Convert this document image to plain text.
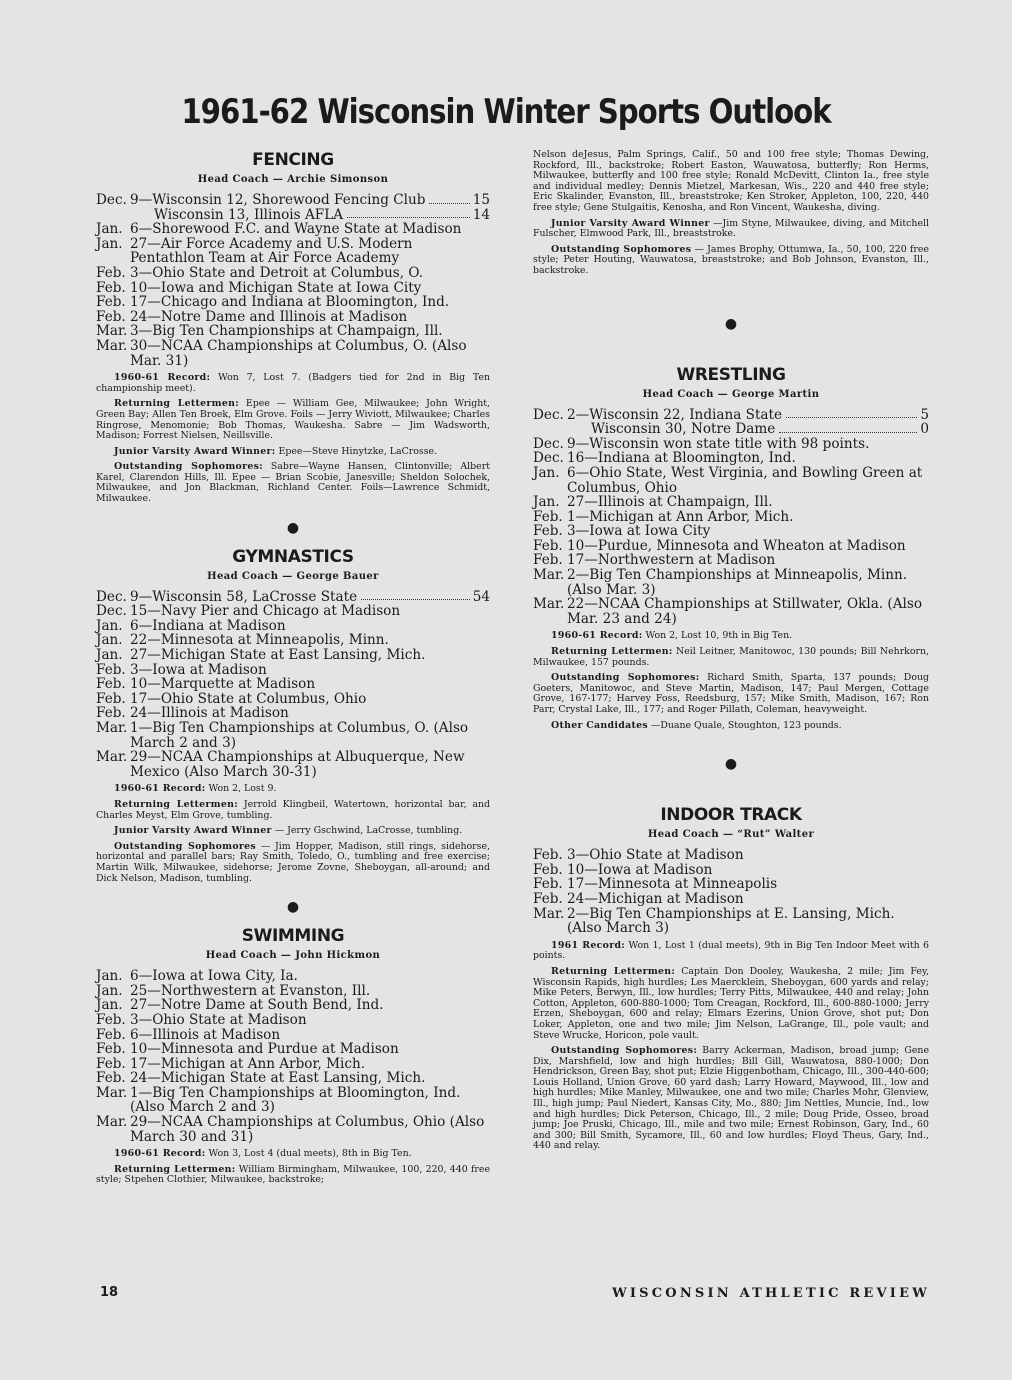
1961-62 Wisconsin Winter Sports Outlook
FENCING
Head Coach — Archie Simonson
Dec. 9—Wisconsin 12, Shorewood Fencing Club	15
Wisconsin 13, Illinois AFLA	14
Jan. 6—Shorewood F.C. and Wayne State at Madison
Jan. 27—Air Force Academy and U.S. Modern Pentathlon Team at Air Force Academy
Feb. 3—Ohio State and Detroit at Columbus, O.
Feb. 10—Iowa and Michigan State at Iowa City
Feb. 17—Chicago and Indiana at Bloomington, Ind.
Feb. 24—Notre Dame and Illinois at Madison
Mar. 3—Big Ten Championships at Champaign, Ill.
Mar. 30—NCAA Championships at Columbus, O. (Also Mar. 31)

1960-61 Record: Won 7, Lost 7. (Badgers tied for 2nd in Big Ten championship meet).

Returning Lettermen: Epee — William Gee, Milwaukee; John Wright, Green Bay; Allen Ten Broek, Elm Grove. Foils — Jerry Wiviott, Milwaukee; Charles Ringrose, Menomonie; Bob Thomas, Waukesha. Sabre — Jim Wadsworth, Madison; Forrest Nielsen, Neillsville.

Junior Varsity Award Winner: Epee—Steve Hinytzke, LaCrosse.

Outstanding Sophomores: Sabre—Wayne Hansen, Clintonville; Albert Karel, Clarendon Hills, Ill. Epee — Brian Scobie, Janesville; Sheldon Solochek, Milwaukee, and Jon Blackman, Richland Center. Foils—Lawrence Schmidt, Milwaukee.

●

GYMNASTICS
Head Coach — George Bauer
Dec. 9—Wisconsin 58, LaCrosse State	54
Dec. 15—Navy Pier and Chicago at Madison
Jan. 6—Indiana at Madison
Jan. 22—Minnesota at Minneapolis, Minn.
Jan. 27—Michigan State at East Lansing, Mich.
Feb. 3—Iowa at Madison
Feb. 10—Marquette at Madison
Feb. 17—Ohio State at Columbus, Ohio
Feb. 24—Illinois at Madison
Mar. 1—Big Ten Championships at Columbus, O. (Also March 2 and 3)
Mar. 29—NCAA Championships at Albuquerque, New Mexico (Also March 30-31)

1960-61 Record: Won 2, Lost 9.

Returning Lettermen: Jerrold Klingbeil, Watertown, horizontal bar, and Charles Meyst, Elm Grove, tumbling.

Junior Varsity Award Winner — Jerry Gschwind, LaCrosse, tumbling.

Outstanding Sophomores — Jim Hopper, Madison, still rings, sidehorse, horizontal and parallel bars; Ray Smith, Toledo, O., tumbling and free exercise; Martin Wilk, Milwaukee, sidehorse; Jerome Zovne, Sheboygan, all-around; and Dick Nelson, Madison, tumbling.

●

SWIMMING
Head Coach — John Hickmon
Jan. 6—Iowa at Iowa City, Ia.
Jan. 25—Northwestern at Evanston, Ill.
Jan. 27—Notre Dame at South Bend, Ind.
Feb. 3—Ohio State at Madison
Feb. 6—Illinois at Madison
Feb. 10—Minnesota and Purdue at Madison
Feb. 17—Michigan at Ann Arbor, Mich.
Feb. 24—Michigan State at East Lansing, Mich.
Mar. 1—Big Ten Championships at Bloomington, Ind. (Also March 2 and 3)
Mar. 29—NCAA Championships at Columbus, Ohio (Also March 30 and 31)

1960-61 Record: Won 3, Lost 4 (dual meets), 8th in Big Ten.

Returning Lettermen: William Birmingham, Milwaukee, 100, 220, 440 free style; Stpehen Clothier, Milwaukee, backstroke;

Nelson deJesus, Palm Springs, Calif., 50 and 100 free style; Thomas Dewing, Rockford, Ill., backstroke; Robert Easton, Wauwatosa, butterfly; Ron Herms, Milwaukee, butterfly and 100 free style; Ronald McDevitt, Clinton Ia., free style and individual medley; Dennis Mietzel, Markesan, Wis., 220 and 440 free style; Eric Skalinder, Evanston, Ill., breaststroke; Ken Stroker, Appleton, 100, 220, 440 free style; Gene Stulgaitis, Kenosha, and Ron Vincent, Waukesha, diving.

Junior Varsity Award Winner —Jim Styne, Milwaukee, diving, and Mitchell Fulscher, Elmwood Park, Ill., breaststroke.

Outstanding Sophomores — James Brophy, Ottumwa, Ia., 50, 100, 220 free style; Peter Houting, Wauwatosa, breaststroke; and Bob Johnson, Evanston, Ill., backstroke.

●

WRESTLING
Head Coach — George Martin
Dec. 2—Wisconsin 22, Indiana State	5
Wisconsin 30, Notre Dame	0
Dec. 9—Wisconsin won state title with 98 points.
Dec. 16—Indiana at Bloomington, Ind.
Jan. 6—Ohio State, West Virginia, and Bowling Green at Columbus, Ohio
Jan. 27—Illinois at Champaign, Ill.
Feb. 1—Michigan at Ann Arbor, Mich.
Feb. 3—Iowa at Iowa City
Feb. 10—Purdue, Minnesota and Wheaton at Madison
Feb. 17—Northwestern at Madison
Mar. 2—Big Ten Championships at Minneapolis, Minn. (Also Mar. 3)
Mar. 22—NCAA Championships at Stillwater, Okla. (Also Mar. 23 and 24)

1960-61 Record: Won 2, Lost 10, 9th in Big Ten.

Returning Lettermen: Neil Leitner, Manitowoc, 130 pounds; Bill Nehrkorn, Milwaukee, 157 pounds.

Outstanding Sophomores: Richard Smith, Sparta, 137 pounds; Doug Goeters, Manitowoc, and Steve Martin, Madison, 147; Paul Mergen, Cottage Grove, 167-177; Harvey Foss, Reedsburg, 157; Mike Smith, Madison, 167; Ron Parr, Crystal Lake, Ill., 177; and Roger Pillath, Coleman, heavyweight.

Other Candidates —Duane Quale, Stoughton, 123 pounds.

●

INDOOR TRACK
Head Coach — “Rut” Walter
Feb. 3—Ohio State at Madison
Feb. 10—Iowa at Madison
Feb. 17—Minnesota at Minneapolis
Feb. 24—Michigan at Madison
Mar. 2—Big Ten Championships at E. Lansing, Mich. (Also March 3)

1961 Record: Won 1, Lost 1 (dual meets), 9th in Big Ten Indoor Meet with 6 points.

Returning Lettermen: Captain Don Dooley, Waukesha, 2 mile; Jim Fey, Wisconsin Rapids, high hurdles; Les Maercklein, Sheboygan, 600 yards and relay; Mike Peters, Berwyn, Ill., low hurdles; Terry Pitts, Milwaukee, 440 and relay; John Cotton, Appleton, 600-880-1000; Tom Creagan, Rockford, Ill., 600-880-1000; Jerry Erzen, Sheboygan, 600 and relay; Elmars Ezerins, Union Grove, shot put; Don Loker, Appleton, one and two mile; Jim Nelson, LaGrange, Ill., pole vault; and Steve Wrucke, Horicon, pole vault.

Outstanding Sophomores: Barry Ackerman, Madison, broad jump; Gene Dix, Marshfield, low and high hurdles; Bill Gill, Wauwatosa, 880-1000; Don Hendrickson, Green Bay, shot put; Elzie Higgenbotham, Chicago, Ill., 300-440-600; Louis Holland, Union Grove, 60 yard dash; Larry Howard, Maywood, Ill., low and high hurdles; Mike Manley, Milwaukee, one and two mile; Charles Mohr, Glenview, Ill., high jump; Paul Niedert, Kansas City, Mo., 880; Jim Nettles, Muncie, Ind., low and high hurdles; Dick Peterson, Chicago, Ill., 2 mile; Doug Pride, Osseo, broad jump; Joe Pruski, Chicago, Ill., mile and two mile; Ernest Robinson, Gary, Ind., 60 and 300; Bill Smith, Sycamore, Ill., 60 and low hurdles; Floyd Theus, Gary, Ind., 440 and relay.

18	WISCONSIN ATHLETIC REVIEW
